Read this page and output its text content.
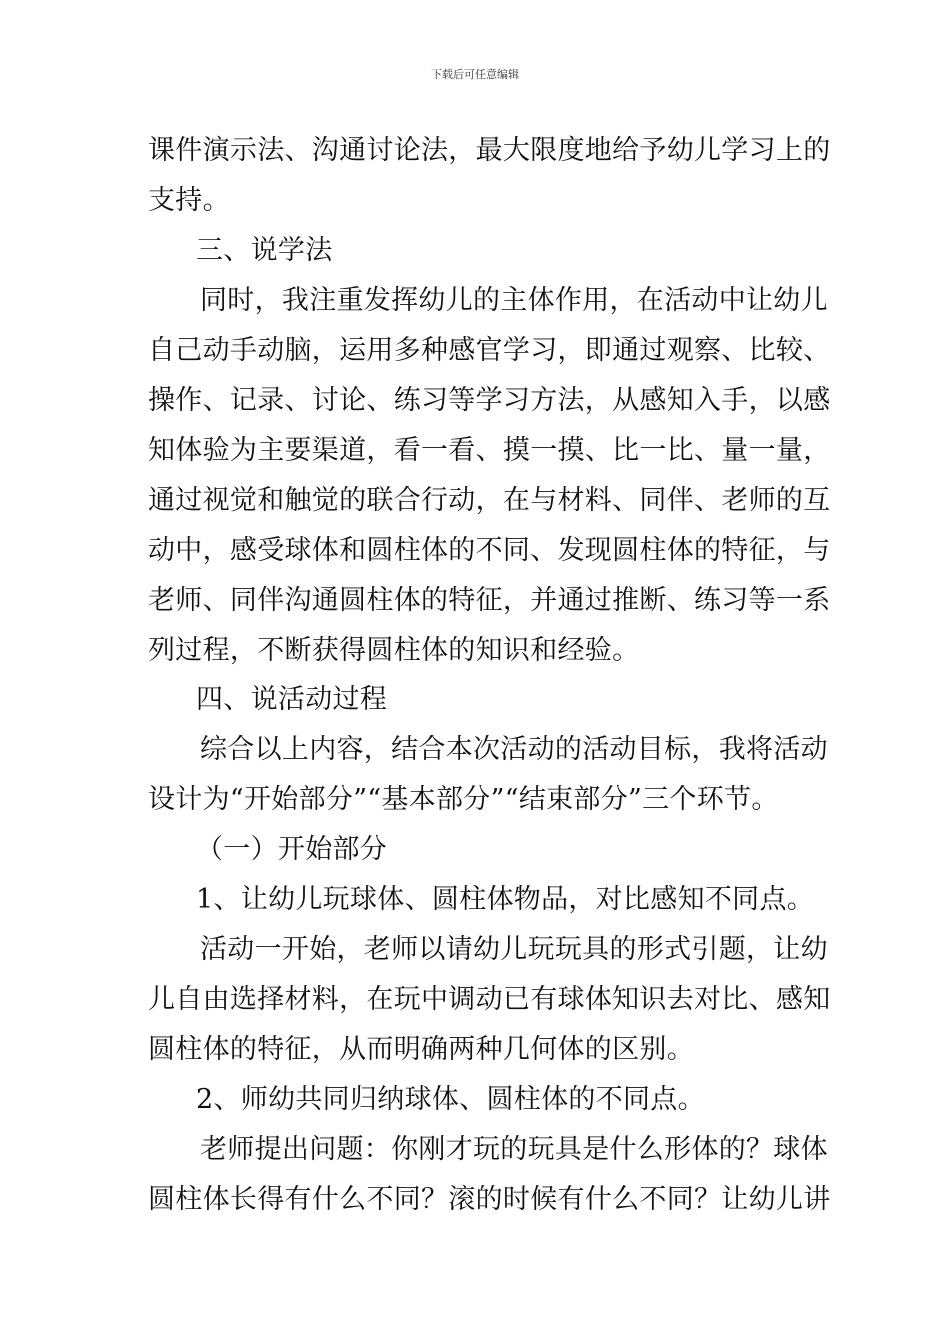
下载后可任意编辑
课件演示法、沟通讨论法，最大限度地给予幼儿学习上的
支持。
三、说学法
同时，我注重发挥幼儿的主体作用，在活动中让幼儿
自己动手动脑，运用多种感官学习，即通过观察、比较、
操作、记录、讨论、练习等学习方法，从感知入手，以感
知体验为主要渠道，看一看、摸一摸、比一比、量一量，
通过视觉和触觉的联合行动，在与材料、同伴、老师的互
动中，感受球体和圆柱体的不同、发现圆柱体的特征，与
老师、同伴沟通圆柱体的特征，并通过推断、练习等一系
列过程，不断获得圆柱体的知识和经验。
四、说活动过程
综合以上内容，结合本次活动的活动目标，我将活动
设计为“开始部分”“基本部分”“结束部分”三个环节。
（一）开始部分
1、让幼儿玩球体、圆柱体物品，对比感知不同点。
活动一开始，老师以请幼儿玩玩具的形式引题，让幼
儿自由选择材料，在玩中调动已有球体知识去对比、感知
圆柱体的特征，从而明确两种几何体的区别。
2、师幼共同归纳球体、圆柱体的不同点。
老师提出问题：你刚才玩的玩具是什么形体的？球体
圆柱体长得有什么不同？滚的时候有什么不同？让幼儿讲
